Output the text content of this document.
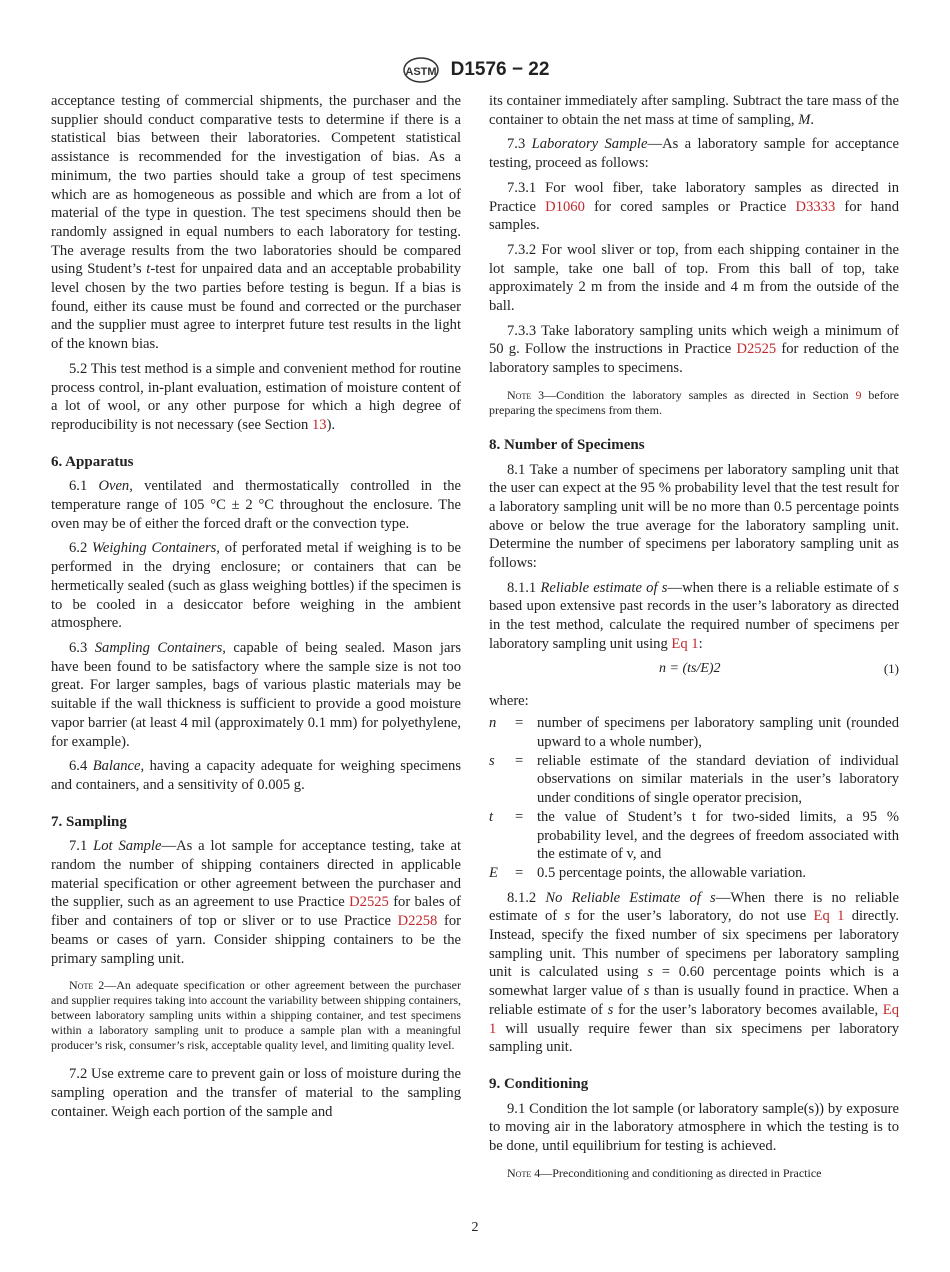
ASTM D1576 − 22

acceptance testing of commercial shipments, the purchaser and the supplier should conduct comparative tests to determine if there is a statistical bias between their laboratories. Competent statistical assistance is recommended for the investigation of bias. As a minimum, the two parties should take a group of test specimens which are as homogeneous as possible and which are from a lot of material of the type in question. The test specimens should then be randomly assigned in equal numbers to each laboratory for testing. The average results from the two laboratories should be compared using Student’s t-test for unpaired data and an acceptable probability level chosen by the two parties before testing is begun. If a bias is found, either its cause must be found and corrected or the purchaser and the supplier must agree to interpret future test results in the light of the known bias.

5.2 This test method is a simple and convenient method for routine process control, in-plant evaluation, estimation of moisture content of a lot of wool, or any other purpose for which a high degree of reproducibility is not necessary (see Section 13).

6. Apparatus

6.1 Oven, ventilated and thermostatically controlled in the temperature range of 105 °C ± 2 °C throughout the enclosure. The oven may be of either the forced draft or the convection type.

6.2 Weighing Containers, of perforated metal if weighing is to be performed in the drying enclosure; or containers that can be hermetically sealed (such as glass weighing bottles) if the specimen is to be cooled in a desiccator before weighing in the ambient atmosphere.

6.3 Sampling Containers, capable of being sealed. Mason jars have been found to be satisfactory where the sample size is not too great. For larger samples, bags of various plastic materials may be suitable if the wall thickness is sufficient to provide a good moisture vapor barrier (at least 4 mil (approximately 0.1 mm) for polyethylene, for example).

6.4 Balance, having a capacity adequate for weighing specimens and containers, and a sensitivity of 0.005 g.

7. Sampling

7.1 Lot Sample—As a lot sample for acceptance testing, take at random the number of shipping containers directed in applicable material specification or other agreement between the purchaser and the supplier, such as an agreement to use Practice D2525 for bales of fiber and containers of top or sliver or to use Practice D2258 for beams or cases of yarn. Consider shipping containers to be the primary sampling unit.

Note 2—An adequate specification or other agreement between the purchaser and supplier requires taking into account the variability between shipping containers, between laboratory sampling units within a shipping container, and test specimens within a laboratory sampling unit to produce a sample plan with a meaningful producer’s risk, consumer’s risk, acceptable quality level, and limiting quality level.

7.2 Use extreme care to prevent gain or loss of moisture during the sampling operation and the transfer of material to the sampling container. Weigh each portion of the sample and

its container immediately after sampling. Subtract the tare mass of the container to obtain the net mass at time of sampling, M.

7.3 Laboratory Sample—As a laboratory sample for acceptance testing, proceed as follows:

7.3.1 For wool fiber, take laboratory samples as directed in Practice D1060 for cored samples or Practice D3333 for hand samples.

7.3.2 For wool sliver or top, from each shipping container in the lot sample, take one ball of top. From this ball of top, take approximately 2 m from the inside and 4 m from the outside of the ball.

7.3.3 Take laboratory sampling units which weigh a minimum of 50 g. Follow the instructions in Practice D2525 for reduction of the laboratory samples to specimens.

Note 3—Condition the laboratory samples as directed in Section 9 before preparing the specimens from them.

8. Number of Specimens

8.1 Take a number of specimens per laboratory sampling unit that the user can expect at the 95 % probability level that the test result for a laboratory sampling unit will be no more than 0.5 percentage points above or below the true average for the laboratory sampling unit. Determine the number of specimens per laboratory sampling unit as follows:

8.1.1 Reliable estimate of s—when there is a reliable estimate of s based upon extensive past records in the user’s laboratory as directed in the test method, calculate the required number of specimens per laboratory sampling unit using Eq 1:

n = (ts/E)2	(1)
where:
n	= number of specimens per laboratory sampling unit (rounded upward to a whole number),
s	= reliable estimate of the standard deviation of individual observations on similar materials in the user’s laboratory under conditions of single operator precision,
t	= the value of Student’s t for two-sided limits, a 95 % probability level, and the degrees of freedom associated with the estimate of v, and
E	= 0.5 percentage points, the allowable variation.

8.1.2 No Reliable Estimate of s—When there is no reliable estimate of s for the user’s laboratory, do not use Eq 1 directly. Instead, specify the fixed number of six specimens per laboratory sampling unit. This number of specimens per laboratory sampling unit is calculated using s = 0.60 percentage points which is a somewhat larger value of s than is usually found in practice. When a reliable estimate of s for the user’s laboratory becomes available, Eq 1 will usually require fewer than six specimens per laboratory sampling unit.

9. Conditioning

9.1 Condition the lot sample (or laboratory sample(s)) by exposure to moving air in the laboratory atmosphere in which the testing is to be done, until equilibrium for testing is achieved.

Note 4—Preconditioning and conditioning as directed in Practice

2
